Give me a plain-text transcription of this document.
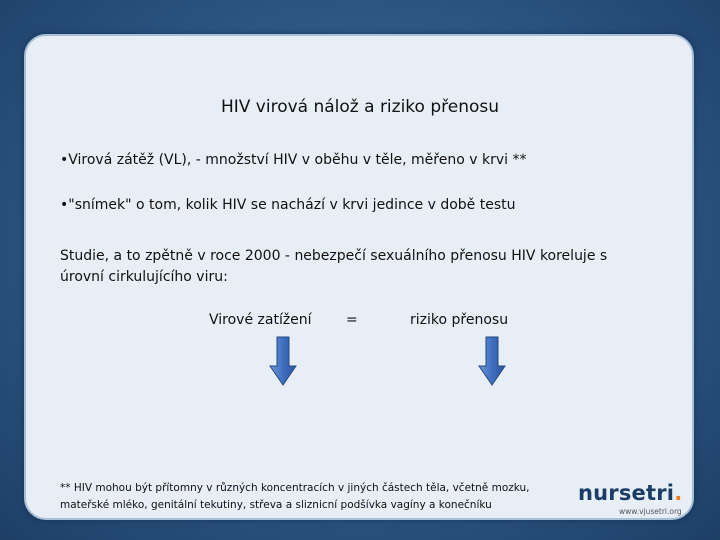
HIV virová nálož a riziko přenosu
•Virová zátěž (VL), - množství HIV v oběhu v těle, měřeno v krvi **
•"snímek" o tom, kolik HIV se nachází v krvi jedince v době testu
Studie, a to zpětně v roce 2000 - nebezpečí sexuálního přenosu HIV koreluje s úrovní cirkulujícího viru:
Virové zatížení =	riziko přenosu
** HIV mohou být přítomny v různých koncentracích v jiných částech těla, včetně mozku, mateřské mléko, genitální tekutiny, střeva a sliznicní podšívka vagíny a konečníku	nursetri.
www.vjusetri.org
